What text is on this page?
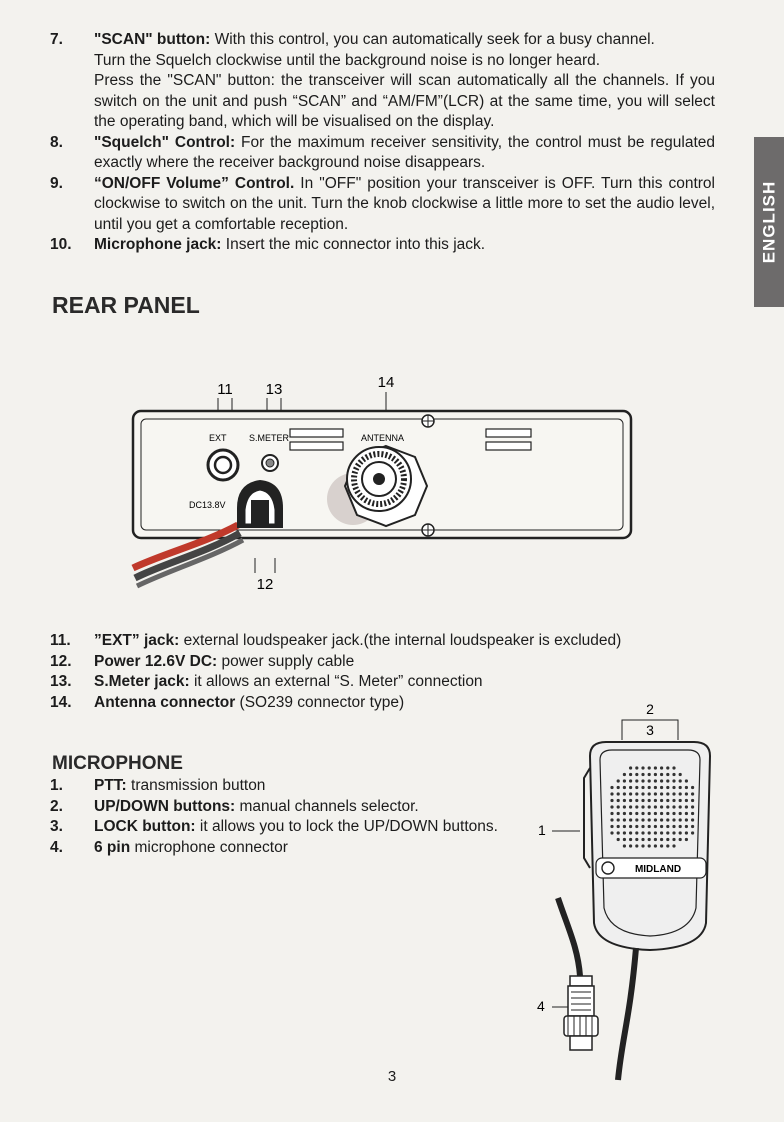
ENGLISH
7.	"SCAN" button: With this control, you can automatically seek for a busy channel.
Turn the Squelch clockwise until the background noise is no longer heard.
Press the "SCAN" button: the transceiver will scan automatically all the channels. If you switch on the unit and push “SCAN” and “AM/FM”(LCR) at the same time, you will select the operating band, which will be visualised on the display.
8.	"Squelch" Control: For the maximum receiver sensitivity, the control must be regulated exactly where the receiver background noise disappears.
9.	“ON/OFF Volume” Control. In "OFF" position your transceiver is OFF. Turn this control clockwise to switch on the unit. Turn the knob clockwise a little more to set the audio level, until you get a comfortable reception.
10.	Microphone jack: Insert the mic connector into this jack.
REAR PANEL
11 13	14
12
EXT S.METER	ANTENNA
DC13.8V
11.	”EXT” jack: external loudspeaker jack.(the internal loudspeaker is excluded)
12.	Power 12.6V DC: power supply cable
13.	S.Meter jack: it allows an external “S. Meter” connection
14.	Antenna connector (SO239 connector type)
MICROPHONE
1.	PTT: transmission button
2.	UP/DOWN buttons: manual channels selector.
3.	LOCK button: it allows you to lock the UP/DOWN buttons.
4.	6 pin microphone connector
2
3
1
4
MIDLAND
3
